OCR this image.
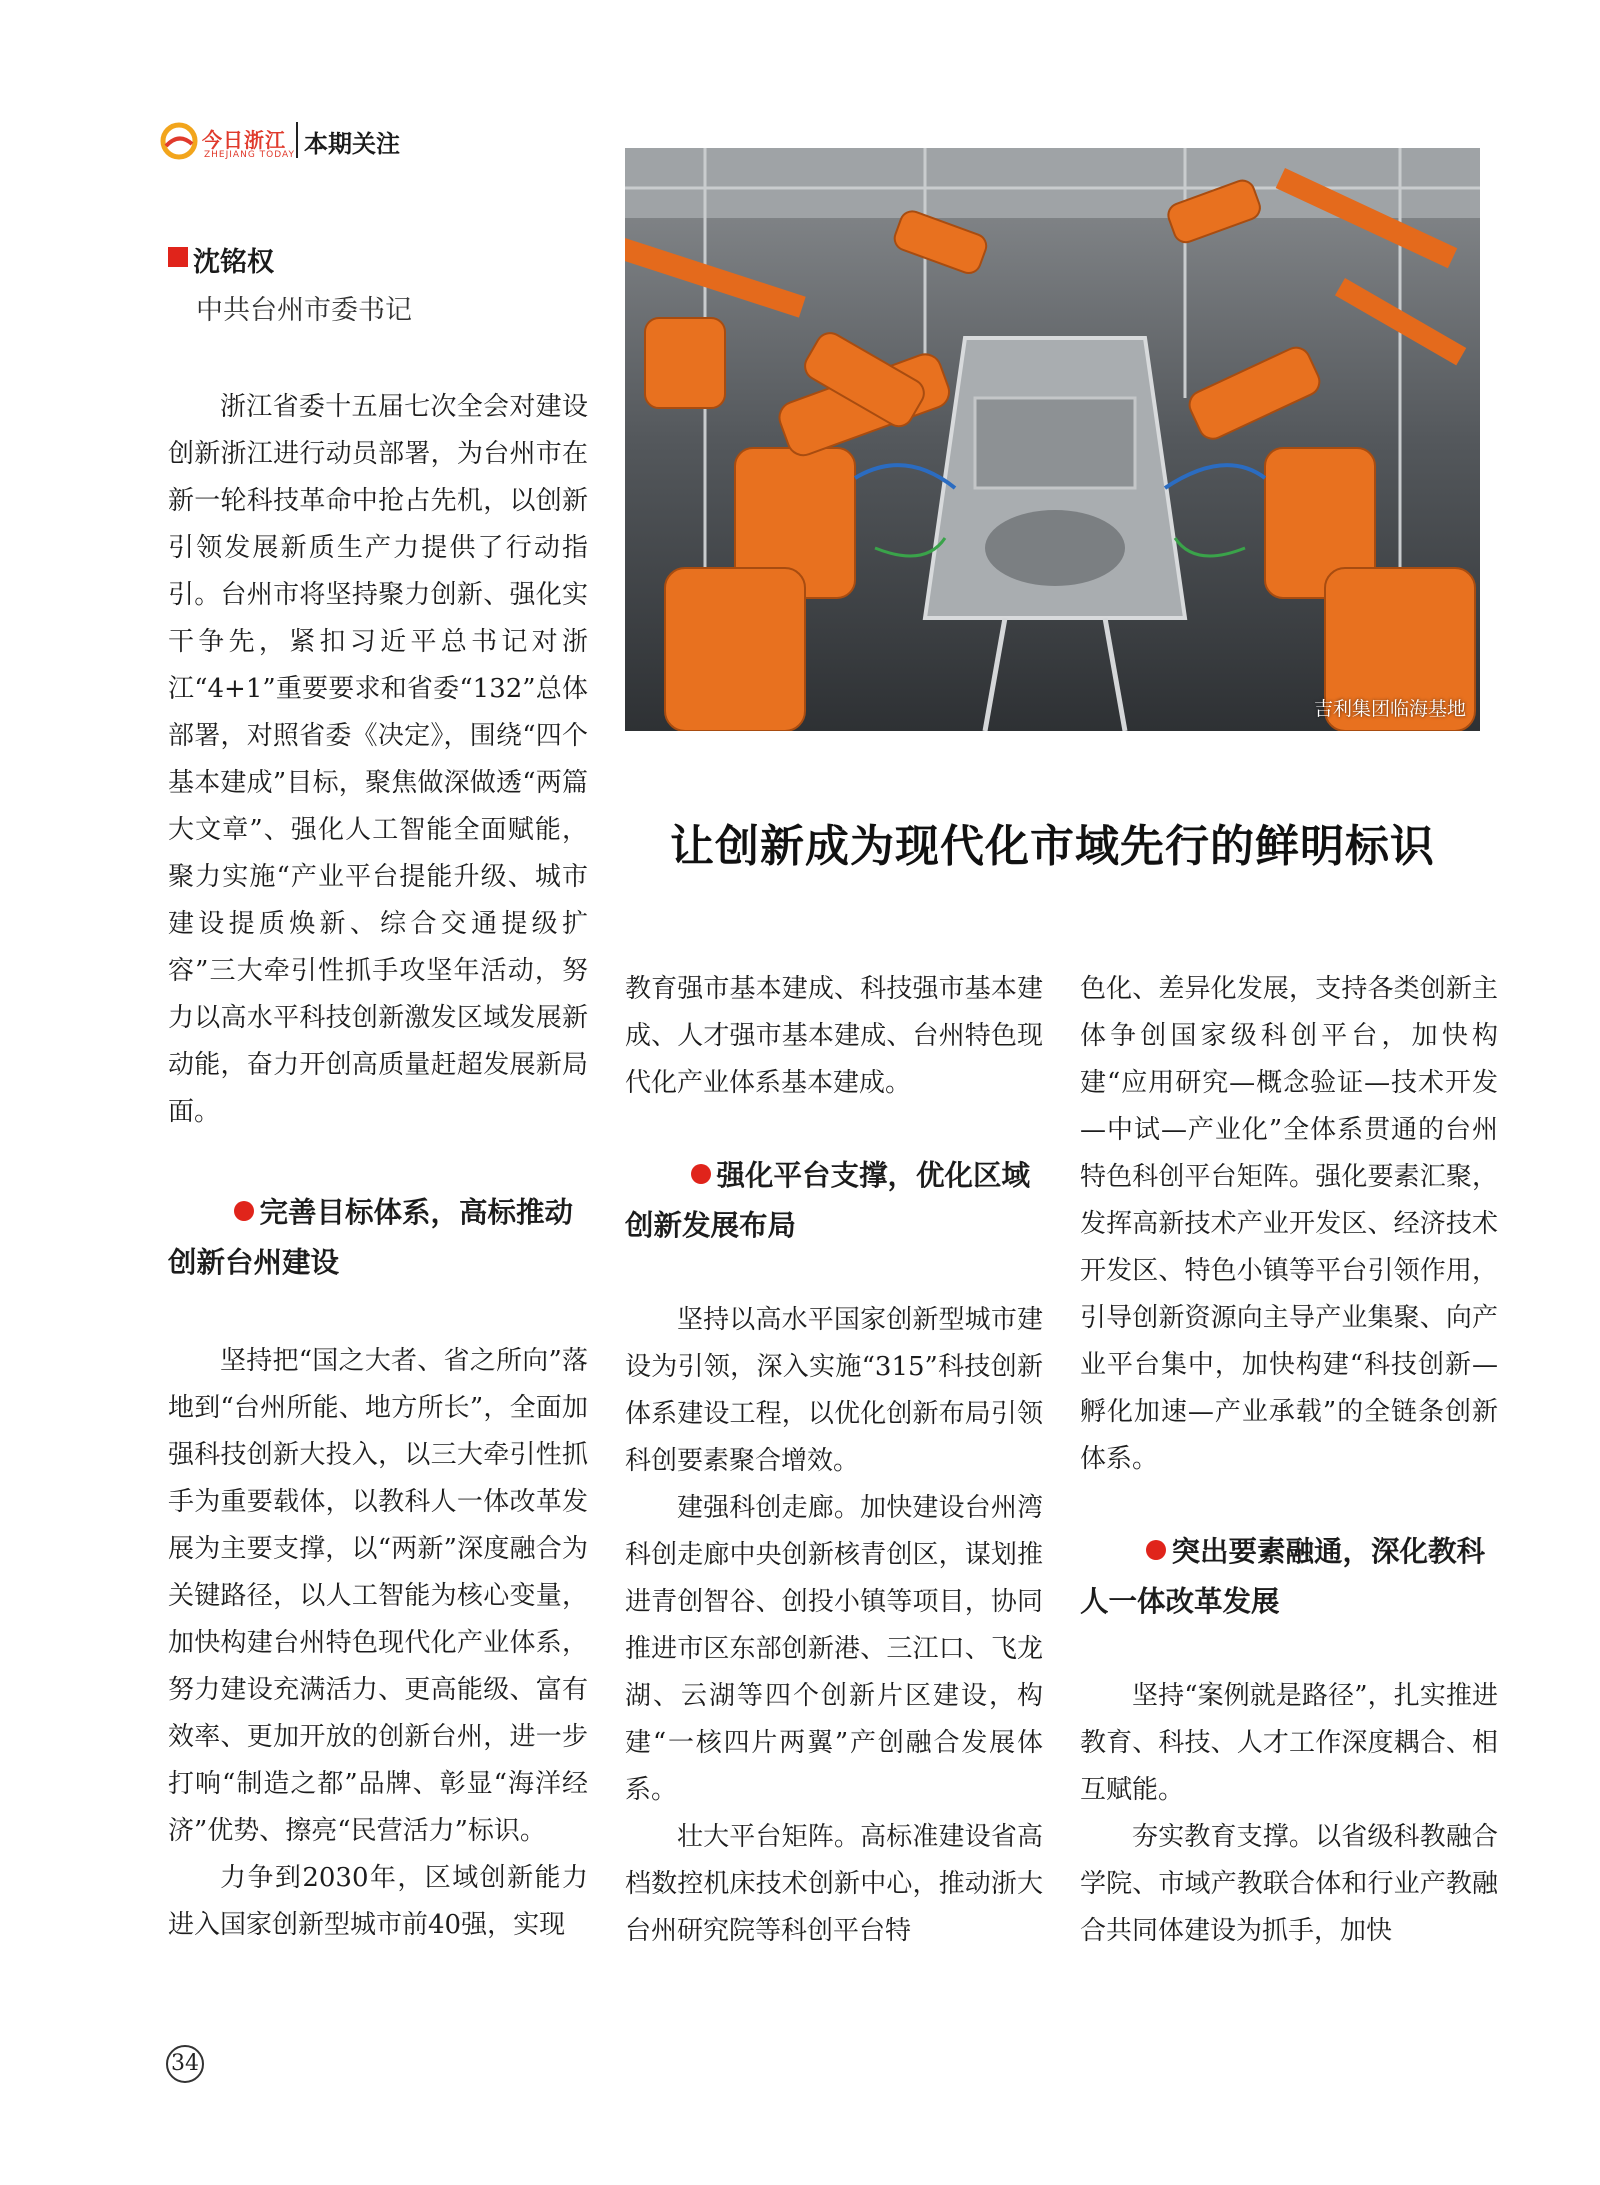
今日浙江
ZHEJIANG TODAY 本期关注
沈铭权
中共台州市委书记
吉利集团临海基地
让创新成为现代化市域先行的鲜明标识

浙江省委十五届七次全会对建设创新浙江进行动员部署，为台州市在新一轮科技革命中抢占先机，以创新引领发展新质生产力提供了行动指引。台州市将坚持聚力创新、强化实干争先，紧扣习近平总书记对浙江“4+1”重要要求和省委“132”总体部署，对照省委《决定》，围绕“四个基本建成”目标，聚焦做深做透“两篇大文章”、强化人工智能全面赋能，聚力实施“产业平台提能升级、城市建设提质焕新、综合交通提级扩容”三大牵引性抓手攻坚年活动，努力以高水平科技创新激发区域发展新动能，奋力开创高质量赶超发展新局面。

完善目标体系，高标推动创新台州建设

坚持把“国之大者、省之所向”落地到“台州所能、地方所长”，全面加强科技创新大投入，以三大牵引性抓手为重要载体，以教科人一体改革发展为主要支撑，以“两新”深度融合为关键路径，以人工智能为核心变量，加快构建台州特色现代化产业体系，努力建设充满活力、更高能级、富有效率、更加开放的创新台州，进一步打响“制造之都”品牌、彰显“海洋经济”优势、擦亮“民营活力”标识。

力争到2030年，区域创新能力进入国家创新型城市前40强，实现

教育强市基本建成、科技强市基本建成、人才强市基本建成、台州特色现代化产业体系基本建成。

强化平台支撑，优化区域创新发展布局

坚持以高水平国家创新型城市建设为引领，深入实施“315”科技创新体系建设工程，以优化创新布局引领科创要素聚合增效。

建强科创走廊。加快建设台州湾科创走廊中央创新核青创区，谋划推进青创智谷、创投小镇等项目，协同推进市区东部创新港、三江口、飞龙湖、云湖等四个创新片区建设，构建“一核四片两翼”产创融合发展体系。

壮大平台矩阵。高标准建设省高档数控机床技术创新中心，推动浙大台州研究院等科创平台特

色化、差异化发展，支持各类创新主体争创国家级科创平台，加快构建“应用研究—概念验证—技术开发—中试—产业化”全体系贯通的台州特色科创平台矩阵。强化要素汇聚，发挥高新技术产业开发区、经济技术开发区、特色小镇等平台引领作用，引导创新资源向主导产业集聚、向产业平台集中，加快构建“科技创新—孵化加速—产业承载”的全链条创新体系。

突出要素融通，深化教科人一体改革发展

坚持“案例就是路径”，扎实推进教育、科技、人才工作深度耦合、相互赋能。

夯实教育支撑。以省级科教融合学院、市域产教联合体和行业产教融合共同体建设为抓手，加快

34
